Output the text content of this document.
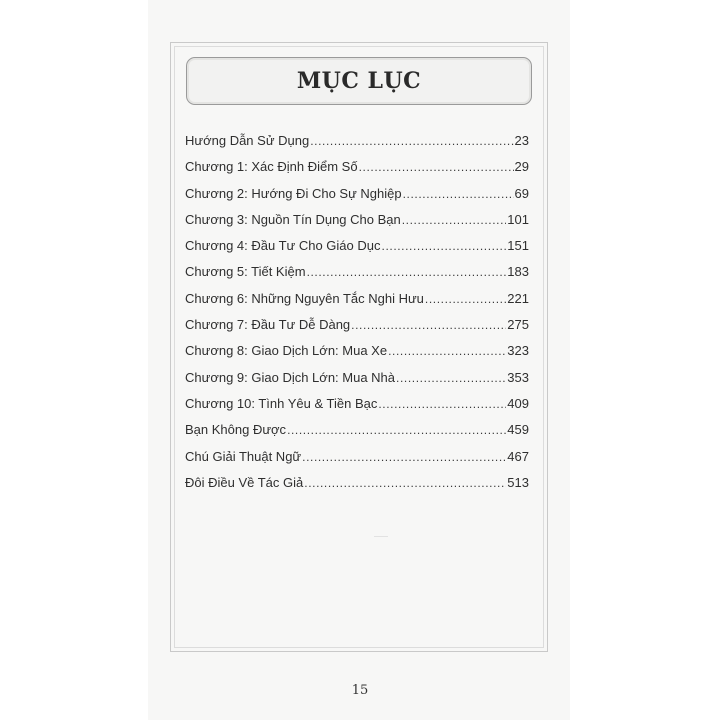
MỤC LỤC
Hướng Dẫn Sử Dụng .....	23
Chương 1: Xác Định Điểm Số .....	29
Chương 2: Hướng Đi Cho Sự Nghiệp .....	69
Chương 3: Nguồn Tín Dụng Cho Bạn .....	101
Chương 4: Đầu Tư Cho Giáo Dục .....	151
Chương 5: Tiết Kiệm .....	183
Chương 6: Những Nguyên Tắc Nghi Hưu .....	221
Chương 7: Đầu Tư Dễ Dàng .....	275
Chương 8: Giao Dịch Lớn: Mua Xe .....	323
Chương 9: Giao Dịch Lớn: Mua Nhà .....	353
Chương 10: Tình Yêu & Tiền Bạc .....	409
Bạn Không Được .....	459
Chú Giải Thuật Ngữ .....	467
Đôi Điều Về Tác Giả .....	513
15
